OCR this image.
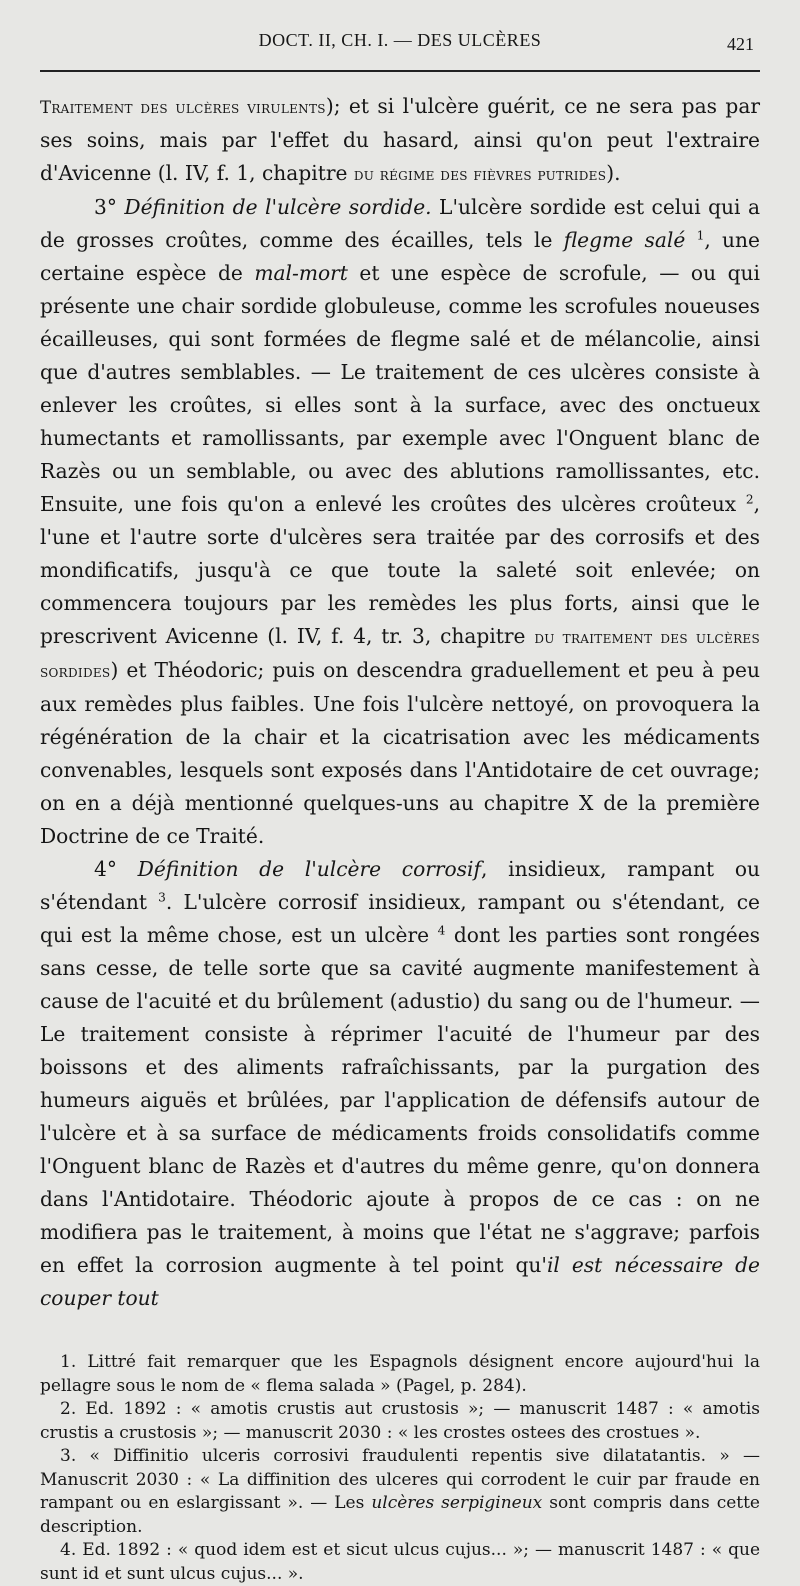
DOCT. II, CH. I. — DES ULCÈRES	421

Traitement des ulcères virulents); et si l'ulcère guérit, ce ne sera pas par ses soins, mais par l'effet du hasard, ainsi qu'on peut l'extraire d'Avicenne (l. IV, f. 1, chapitre du régime des fièvres putrides).

3° Définition de l'ulcère sordide. L'ulcère sordide est celui qui a de grosses croûtes, comme des écailles, tels le flegme salé $^1$, une certaine espèce de mal-mort et une espèce de scrofule, — ou qui présente une chair sordide globuleuse, comme les scrofules noueuses écailleuses, qui sont formées de flegme salé et de mélancolie, ainsi que d'autres semblables. — Le traitement de ces ulcères consiste à enlever les croûtes, si elles sont à la surface, avec des onctueux humectants et ramollissants, par exemple avec l'Onguent blanc de Razès ou un semblable, ou avec des ablutions ramollissantes, etc. Ensuite, une fois qu'on a enlevé les croûtes des ulcères croûteux $^2$, l'une et l'autre sorte d'ulcères sera traitée par des corrosifs et des mondificatifs, jusqu'à ce que toute la saleté soit enlevée; on commencera toujours par les remèdes les plus forts, ainsi que le prescrivent Avicenne (l. IV, f. 4, tr. 3, chapitre du traitement des ulcères sordides) et Théodoric; puis on descendra graduellement et peu à peu aux remèdes plus faibles. Une fois l'ulcère nettoyé, on provoquera la régénération de la chair et la cicatrisation avec les médicaments convenables, lesquels sont exposés dans l'Antidotaire de cet ouvrage; on en a déjà mentionné quelques-uns au chapitre X de la première Doctrine de ce Traité.

4° Définition de l'ulcère corrosif, insidieux, rampant ou s'étendant $^3$. L'ulcère corrosif insidieux, rampant ou s'étendant, ce qui est la même chose, est un ulcère $^4$ dont les parties sont rongées sans cesse, de telle sorte que sa cavité augmente manifestement à cause de l'acuité et du brûlement (adustio) du sang ou de l'humeur. — Le traitement consiste à réprimer l'acuité de l'humeur par des boissons et des aliments rafraîchissants, par la purgation des humeurs aiguës et brûlées, par l'application de défensifs autour de l'ulcère et à sa surface de médicaments froids consolidatifs comme l'Onguent blanc de Razès et d'autres du même genre, qu'on donnera dans l'Antidotaire. Théodoric ajoute à propos de ce cas : on ne modifiera pas le traitement, à moins que l'état ne s'aggrave; parfois en effet la corrosion augmente à tel point qu'il est nécessaire de couper tout

1. Littré fait remarquer que les Espagnols désignent encore aujourd'hui la pellagre sous le nom de « flema salada » (Pagel, p. 284).

2. Ed. 1892 : « amotis crustis aut crustosis »; — manuscrit 1487 : « amotis crustis a crustosis »; — manuscrit 2030 : « les crostes ostees des crostues ».

3. « Diffinitio ulceris corrosivi fraudulenti repentis sive dilatatantis. » — Manuscrit 2030 : « La diffinition des ulceres qui corrodent le cuir par fraude en rampant ou en eslargissant ». — Les ulcères serpigineux sont compris dans cette description.

4. Ed. 1892 : « quod idem est et sicut ulcus cujus... »; — manuscrit 1487 : « que sunt id et sunt ulcus cujus... ».
